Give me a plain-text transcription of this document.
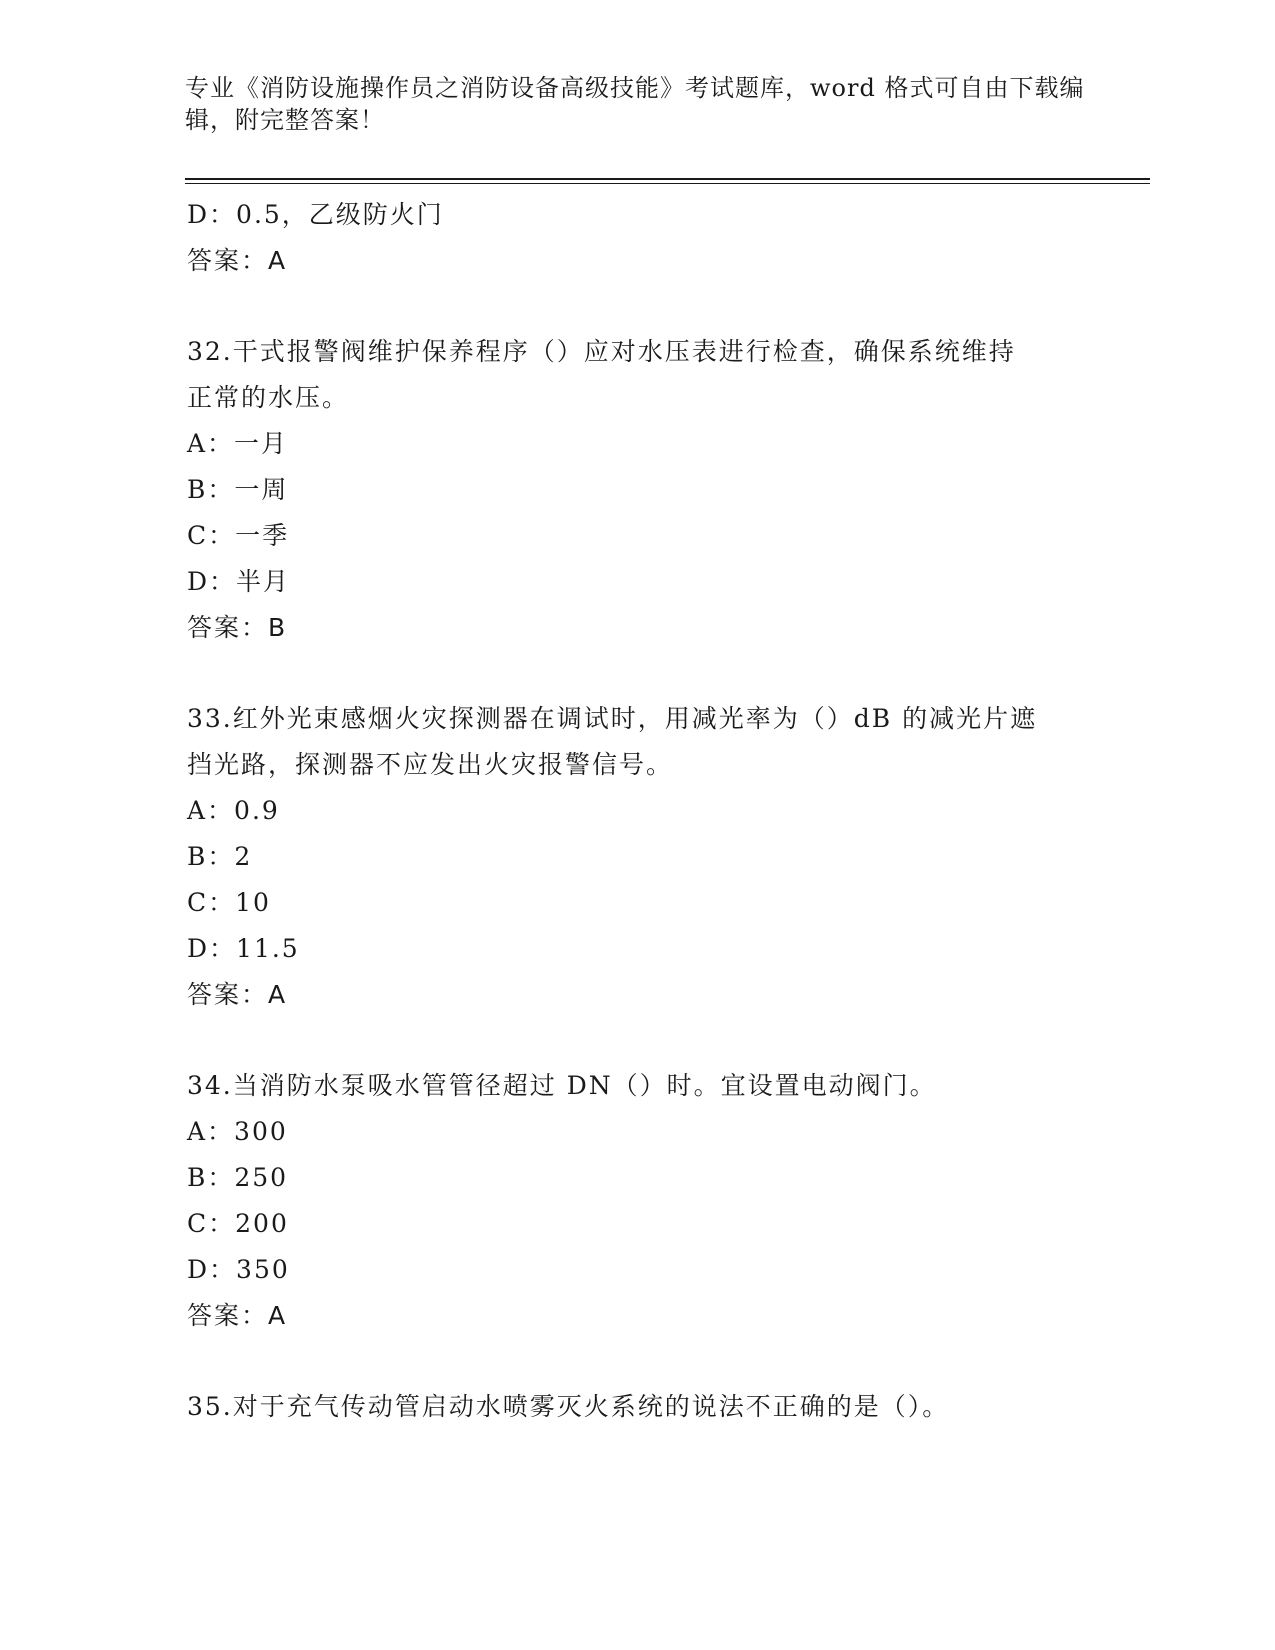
专业《消防设施操作员之消防设备高级技能》考试题库，word 格式可自由下载编
辑，附完整答案！
D：0.5，乙级防火门
答案：A
32.干式报警阀维护保养程序（）应对水压表进行检查，确保系统维持
正常的水压。
A：一月
B：一周
C：一季
D：半月
答案：B
33.红外光束感烟火灾探测器在调试时，用减光率为（）dB 的减光片遮
挡光路，探测器不应发出火灾报警信号。
A：0.9
B：2
C：10
D：11.5
答案：A
34.当消防水泵吸水管管径超过 DN（）时。宜设置电动阀门。
A：300
B：250
C：200
D：350
答案：A
35.对于充气传动管启动水喷雾灭火系统的说法不正确的是（）。
